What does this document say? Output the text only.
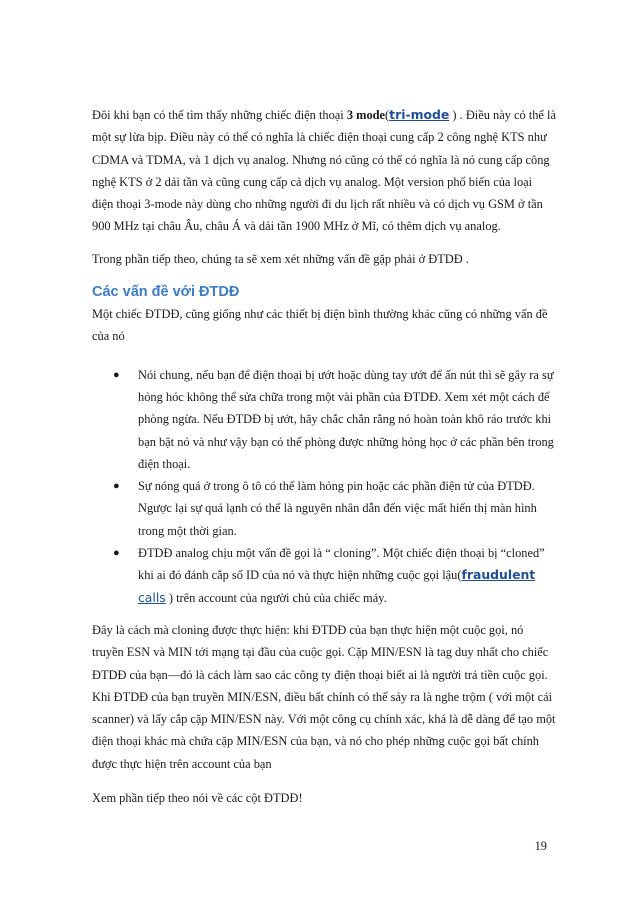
Đôi khi bạn có thể tìm thấy những chiếc điện thoại 3 mode(tri-mode ) . Điều này có thể là một sự lừa bịp. Điều này có thể có nghĩa là chiếc điện thoại cung cấp 2 công nghệ KTS như CDMA và TDMA, và 1 dịch vụ analog. Nhưng nó cũng có thể có nghĩa là nó cung cấp công nghệ KTS ở 2 dải tần và cũng cung cấp cả dịch vụ analog. Một version phổ biến của loại điện thoại 3-mode này dùng cho những người đi du lịch rất nhiều và có dịch vụ GSM ở tần 900 MHz tại châu Âu, châu Á và dải tần 1900 MHz ở Mĩ, có thêm dịch vụ analog.

Trong phần tiếp theo, chúng ta sẽ xem xét những vấn đề gặp phải ở ĐTDĐ .

Các vấn đề với ĐTDĐ

Một chiếc ĐTDĐ, cũng giống như các thiết bị điện bình thường khác cũng có những vấn đề của nó

● Nói chung, nếu bạn để điện thoại bị ướt hoặc dùng tay ướt để ấn nút thì sẽ gây ra sự hỏng hóc không thể sửa chữa trong một vài phần của ĐTDĐ. Xem xét một cách để phòng ngừa. Nếu ĐTDĐ bị ướt, hãy chắc chắn rằng nó hoàn toàn khô ráo trước khi bạn bật nó và như vậy bạn có thể phòng được những hỏng học ở các phần bên trong điện thoại.
● Sự nóng quá ở trong ô tô có thể làm hỏng pin hoặc các phần điện tử của ĐTDĐ. Ngược lại sự quá lạnh có thể là nguyên nhân dẫn đến việc mất hiển thị màn hình trong một thời gian.
● ĐTDĐ analog chịu một vấn đề gọi là “ cloning”. Một chiếc điện thoại bị “cloned” khi ai đó đánh cắp số ID của nó và thực hiện những cuộc gọi lậu(fraudulent calls ) trên account của người chủ của chiếc máy.

Đây là cách mà cloning được thực hiện: khi ĐTDĐ của bạn thực hiện một cuộc gọi, nó truyền ESN và MIN tới mạng tại đầu của cuộc gọi. Cặp MIN/ESN là tag duy nhất cho chiếc ĐTDĐ của bạn—đó là cách làm sao các công ty điện thoại biết ai là người trả tiền cuộc gọi. Khi ĐTDĐ của bạn truyền MIN/ESN, điều bất chính có thể sảy ra là nghe trộm ( với một cái scanner) và lấy cắp cặp MIN/ESN này. Với một công cụ chính xác, khá là dễ dàng để tạo một điện thoại khác mà chứa cặp MIN/ESN của bạn, và nó cho phép những cuộc gọi bất chính được thực hiện trên account của bạn

Xem phần tiếp theo nói về các cột ĐTDĐ!

19
